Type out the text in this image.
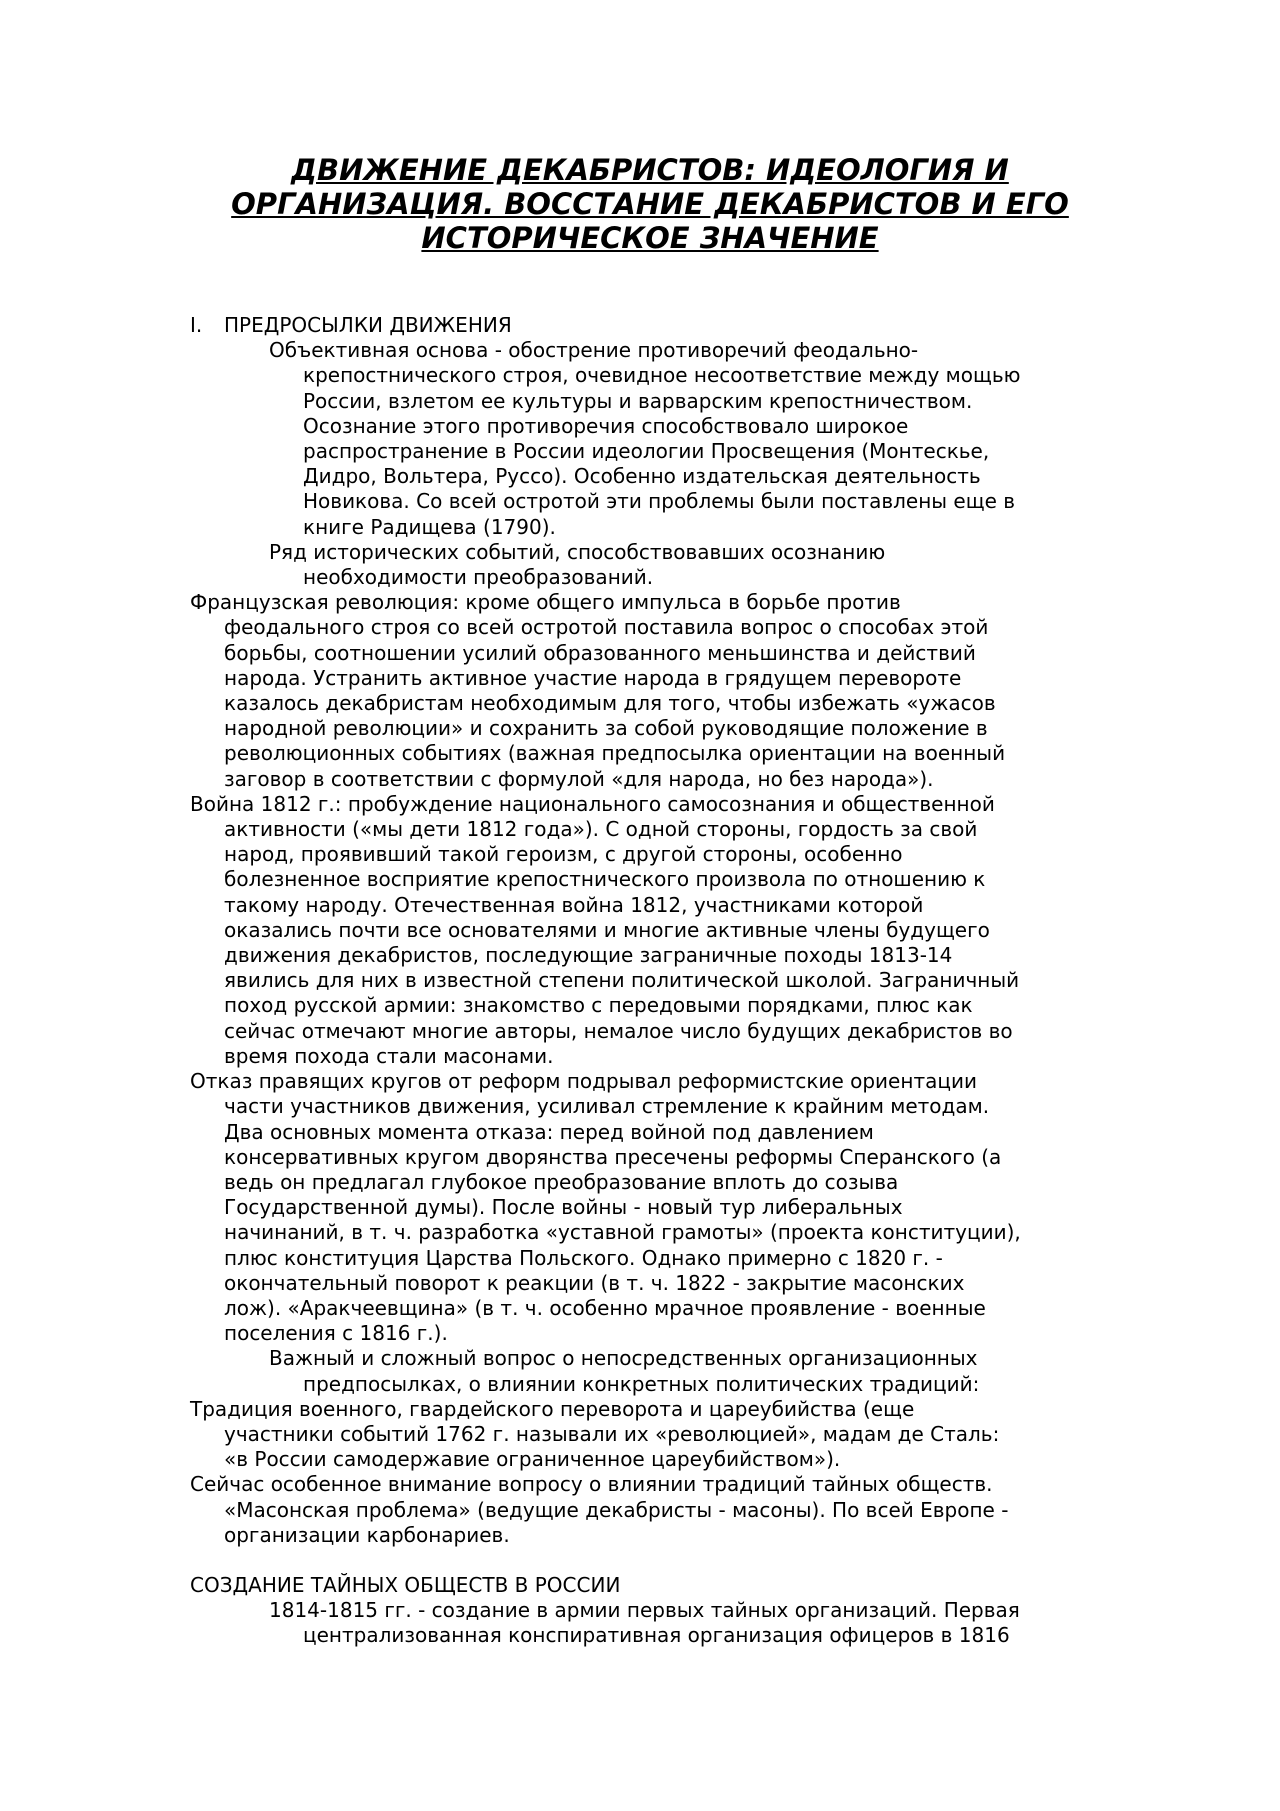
ДВИЖЕНИЕ ДЕКАБРИСТОВ: ИДЕОЛОГИЯ И
ОРГАНИЗАЦИЯ. ВОССТАНИЕ ДЕКАБРИСТОВ И ЕГО
ИСТОРИЧЕСКОЕ ЗНАЧЕНИЕ

I. ПРЕДРОСЫЛКИ ДВИЖЕНИЯ

Объективная основа - обострение противоречий феодально-

крепостнического строя, очевидное несоответствие между мощью

России, взлетом ее культуры и варварским крепостничеством.

Осознание этого противоречия способствовало широкое

распространение в России идеологии Просвещения (Монтескье,

Дидро, Вольтера, Руссо). Особенно издательская деятельность

Новикова. Со всей остротой эти проблемы были поставлены еще в

книге Радищева (1790).

Ряд исторических событий, способствовавших осознанию

необходимости преобразований.

Французская революция: кроме общего импульса в борьбе против

феодального строя со всей остротой поставила вопрос о способах этой

борьбы, соотношении усилий образованного меньшинства и действий

народа. Устранить активное участие народа в грядущем перевороте

казалось декабристам необходимым для того, чтобы избежать «ужасов

народной революции» и сохранить за собой руководящие положение в

революционных событиях (важная предпосылка ориентации на военный

заговор в соответствии с формулой «для народа, но без народа»).

Война 1812 г.: пробуждение национального самосознания и общественной

активности («мы дети 1812 года»). С одной стороны, гордость за свой

народ, проявивший такой героизм, с другой стороны, особенно

болезненное восприятие крепостнического произвола по отношению к

такому народу. Отечественная война 1812, участниками которой

оказались почти все основателями и многие активные члены будущего

движения декабристов, последующие заграничные походы 1813-14

явились для них в известной степени политической школой. Заграничный

поход русской армии: знакомство с передовыми порядками, плюс как

сейчас отмечают многие авторы, немалое число будущих декабристов во

время похода стали масонами.

Отказ правящих кругов от реформ подрывал реформистские ориентации

части участников движения, усиливал стремление к крайним методам.

Два основных момента отказа: перед войной под давлением

консервативных кругом дворянства пресечены реформы Сперанского (а

ведь он предлагал глубокое преобразование вплоть до созыва

Государственной думы). После войны - новый тур либеральных

начинаний, в т. ч. разработка «уставной грамоты» (проекта конституции),

плюс конституция Царства Польского. Однако примерно с 1820 г. -

окончательный поворот к реакции (в т. ч. 1822 - закрытие масонских

лож). «Аракчеевщина» (в т. ч. особенно мрачное проявление - военные

поселения с 1816 г.).

Важный и сложный вопрос о непосредственных организационных

предпосылках, о влиянии конкретных политических традиций:

Традиция военного, гвардейского переворота и цареубийства (еще

участники событий 1762 г. называли их «революцией», мадам де Сталь:

«в России самодержавие ограниченное цареубийством»).

Сейчас особенное внимание вопросу о влиянии традиций тайных обществ.

«Масонская проблема» (ведущие декабристы - масоны). По всей Европе -

организации карбонариев.

СОЗДАНИЕ ТАЙНЫХ ОБЩЕСТВ В РОССИИ

1814-1815 гг. - создание в армии первых тайных организаций. Первая

централизованная конспиративная организация офицеров в 1816
